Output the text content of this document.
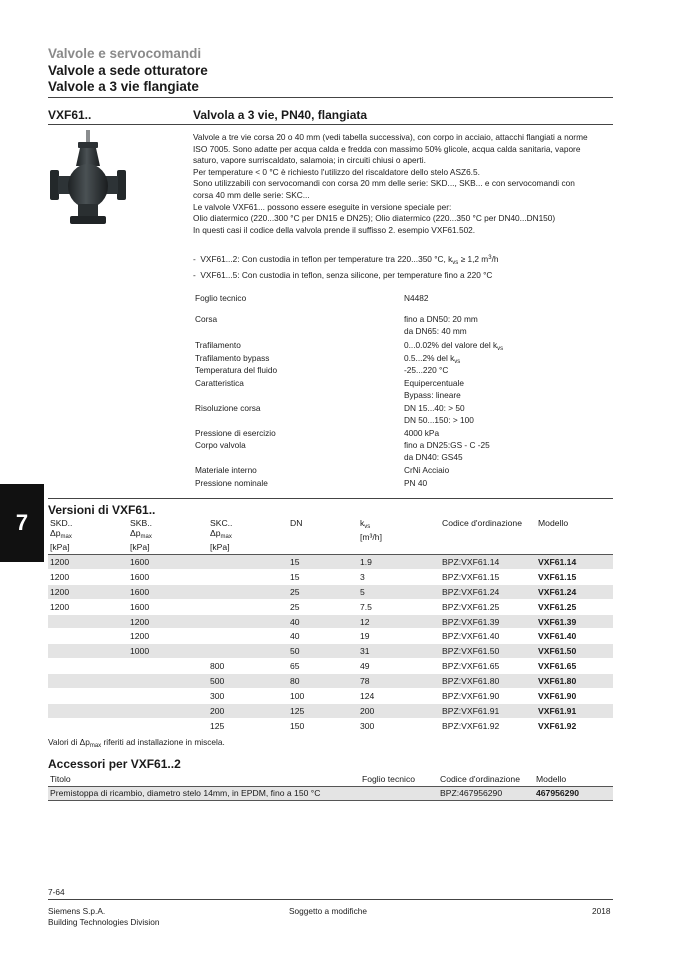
Valvole e servocomandi
Valvole a sede otturatore
Valvole a 3 vie flangiate
VXF61..	Valvola a 3 vie, PN40, flangiata

Valvole a tre vie corsa 20 o 40 mm (vedi tabella successiva), con corpo in acciaio, attacchi flangiati a norme

ISO 7005. Sono adatte per acqua calda e fredda con massimo 50% glicole, acqua calda sanitaria, vapore

saturo, vapore surriscaldato, salamoia; in circuiti chiusi o aperti.

Per temperature < 0 °C è richiesto l'utilizzo del riscaldatore dello stelo ASZ6.5.

Sono utilizzabili con servocomandi con corsa 20 mm delle serie: SKD..., SKB... e con servocomandi con

corsa 40 mm delle serie: SKC...

Le valvole VXF61... possono essere eseguite in versione speciale per:

Olio diatermico (220...300 °C per DN15 e DN25); Olio diatermico (220...350 °C per DN40...DN150)

In questi casi il codice della valvola prende il suffisso 2. esempio VXF61.502.

- VXF61...2: Con custodia in teflon per temperature tra 220...350 °C, $k_{vs} \ge 1,2$ $m^3/h$

- VXF61...5: Con custodia in teflon, senza silicone, per temperature fino a 220 °C

Foglio tecnico	N4482
Corsa	fino a DN50: 20 mm
da DN65: 40 mm
Trafilamento	0...0.02% del valore del $k_{vs}$
Trafilamento bypass	0.5...2% del $k_{vs}$
Temperatura del fluido	-25...220 °C
Caratteristica	Equipercentuale
Bypass: lineare
Risoluzione corsa	DN 15...40: > 50
DN 50...150: > 100
Pressione di esercizio	4000 kPa
Corpo valvola	fino a DN25:GS - C -25
da DN40: GS45
Materiale interno	CrNi Acciaio
Pressione nominale	PN 40
7	Versioni di VXF61..
SKD..
$\Delta p_{max}$
[kPa]	SKB..
$\Delta p_{max}$
[kPa]	SKC..
$\Delta p_{max}$
[kPa]	DN	$k_{vs}$
[m³/h]	Codice d'ordinazione	Modello
1200	1600		15	1.9	BPZ:VXF61.14	VXF61.14
1200	1600		15	3	BPZ:VXF61.15	VXF61.15
1200	1600		25	5	BPZ:VXF61.24	VXF61.24
1200	1600		25	7.5	BPZ:VXF61.25	VXF61.25
	1200		40	12	BPZ:VXF61.39	VXF61.39
	1200		40	19	BPZ:VXF61.40	VXF61.40
	1000		50	31	BPZ:VXF61.50	VXF61.50
		800	65	49	BPZ:VXF61.65	VXF61.65
		500	80	78	BPZ:VXF61.80	VXF61.80
		300	100	124	BPZ:VXF61.90	VXF61.90
		200	125	200	BPZ:VXF61.91	VXF61.91
		125	150	300	BPZ:VXF61.92	VXF61.92
Valori di $\Delta p_{max}$ riferiti ad installazione in miscela.
Accessori per VXF61..2
Titolo	Foglio tecnico	Codice d'ordinazione	Modello
Premistoppa di ricambio, diametro stelo 14mm, in EPDM, fino a 150 °C		BPZ:467956290	467956290
7-64
Siemens S.p.A.
Building Technologies Division
Soggetto a modifiche	2018
